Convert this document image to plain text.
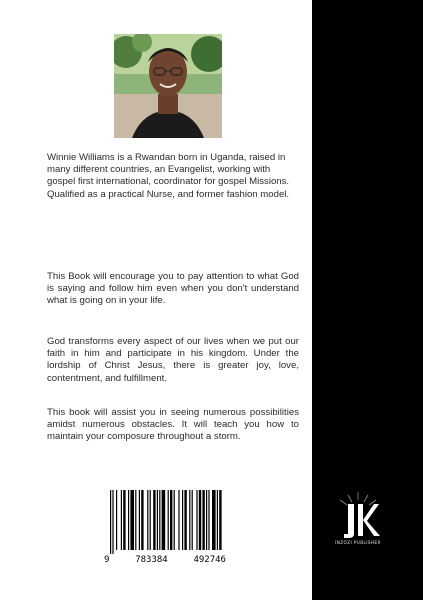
Winnie Williams is a Rwandan born in Uganda, raised in many different countries, an Evangelist, working with gospel first international, coordinator for gospel Missions. Qualified as a practical Nurse, and former fashion model.

This Book will encourage you to pay attention to what God is saying and follow him even when you don't understand what is going on in your life.

God transforms every aspect of our lives when we put our faith in him and participate in his kingdom. Under the lordship of Christ Jesus, there is greater joy, love, contentment, and fulfillment.

This book will assist you in seeing numerous possibilities amidst numerous obstacles. It will teach you how to maintain your composure throughout a storm.

9	783384	492746
INZOZI PUBLISHER
